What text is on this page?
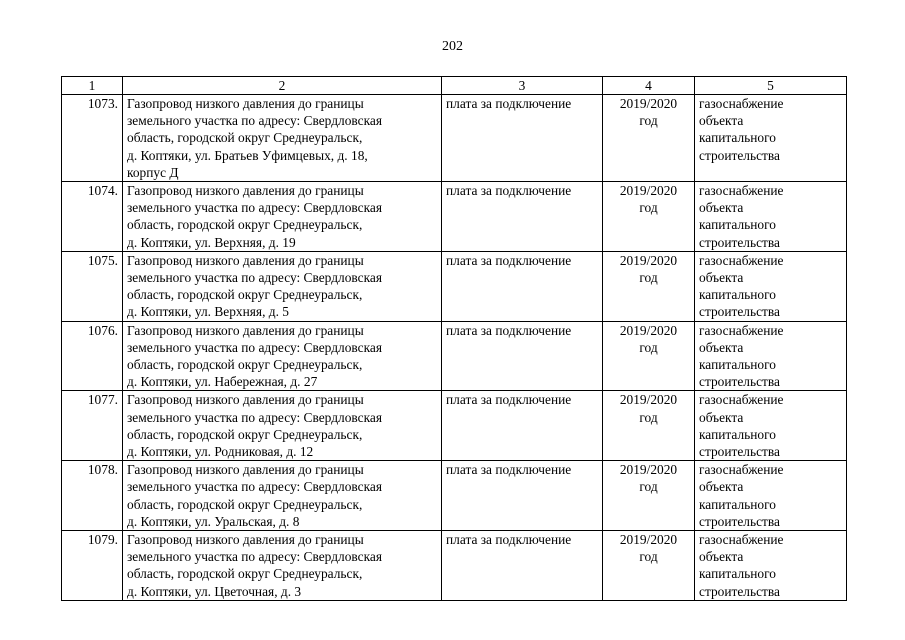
202
1	2	3	4	5
1073.	Газопровод низкого давления до границы
земельного участка по адресу: Свердловская
область, городской округ Среднеуральск,
д. Коптяки, ул. Братьев Уфимцевых, д. 18,
корпус Д	плата за подключение	2019/2020
год	газоснабжение
объекта
капитального
строительства

1074.	Газопровод низкого давления до границы
земельного участка по адресу: Свердловская
область, городской округ Среднеуральск,
д. Коптяки, ул. Верхняя, д. 19	плата за подключение	2019/2020
год	газоснабжение
объекта
капитального
строительства

1075.	Газопровод низкого давления до границы
земельного участка по адресу: Свердловская
область, городской округ Среднеуральск,
д. Коптяки, ул. Верхняя, д. 5	плата за подключение	2019/2020
год	газоснабжение
объекта
капитального
строительства

1076.	Газопровод низкого давления до границы
земельного участка по адресу: Свердловская
область, городской округ Среднеуральск,
д. Коптяки, ул. Набережная, д. 27	плата за подключение	2019/2020
год	газоснабжение
объекта
капитального
строительства

1077.	Газопровод низкого давления до границы
земельного участка по адресу: Свердловская
область, городской округ Среднеуральск,
д. Коптяки, ул. Родниковая, д. 12	плата за подключение	2019/2020
год	газоснабжение
объекта
капитального
строительства

1078.	Газопровод низкого давления до границы
земельного участка по адресу: Свердловская
область, городской округ Среднеуральск,
д. Коптяки, ул. Уральская, д. 8	плата за подключение	2019/2020
год	газоснабжение
объекта
капитального
строительства

1079.	Газопровод низкого давления до границы
земельного участка по адресу: Свердловская
область, городской округ Среднеуральск,
д. Коптяки, ул. Цветочная, д. 3	плата за подключение	2019/2020
год	газоснабжение
объекта
капитального
строительства
